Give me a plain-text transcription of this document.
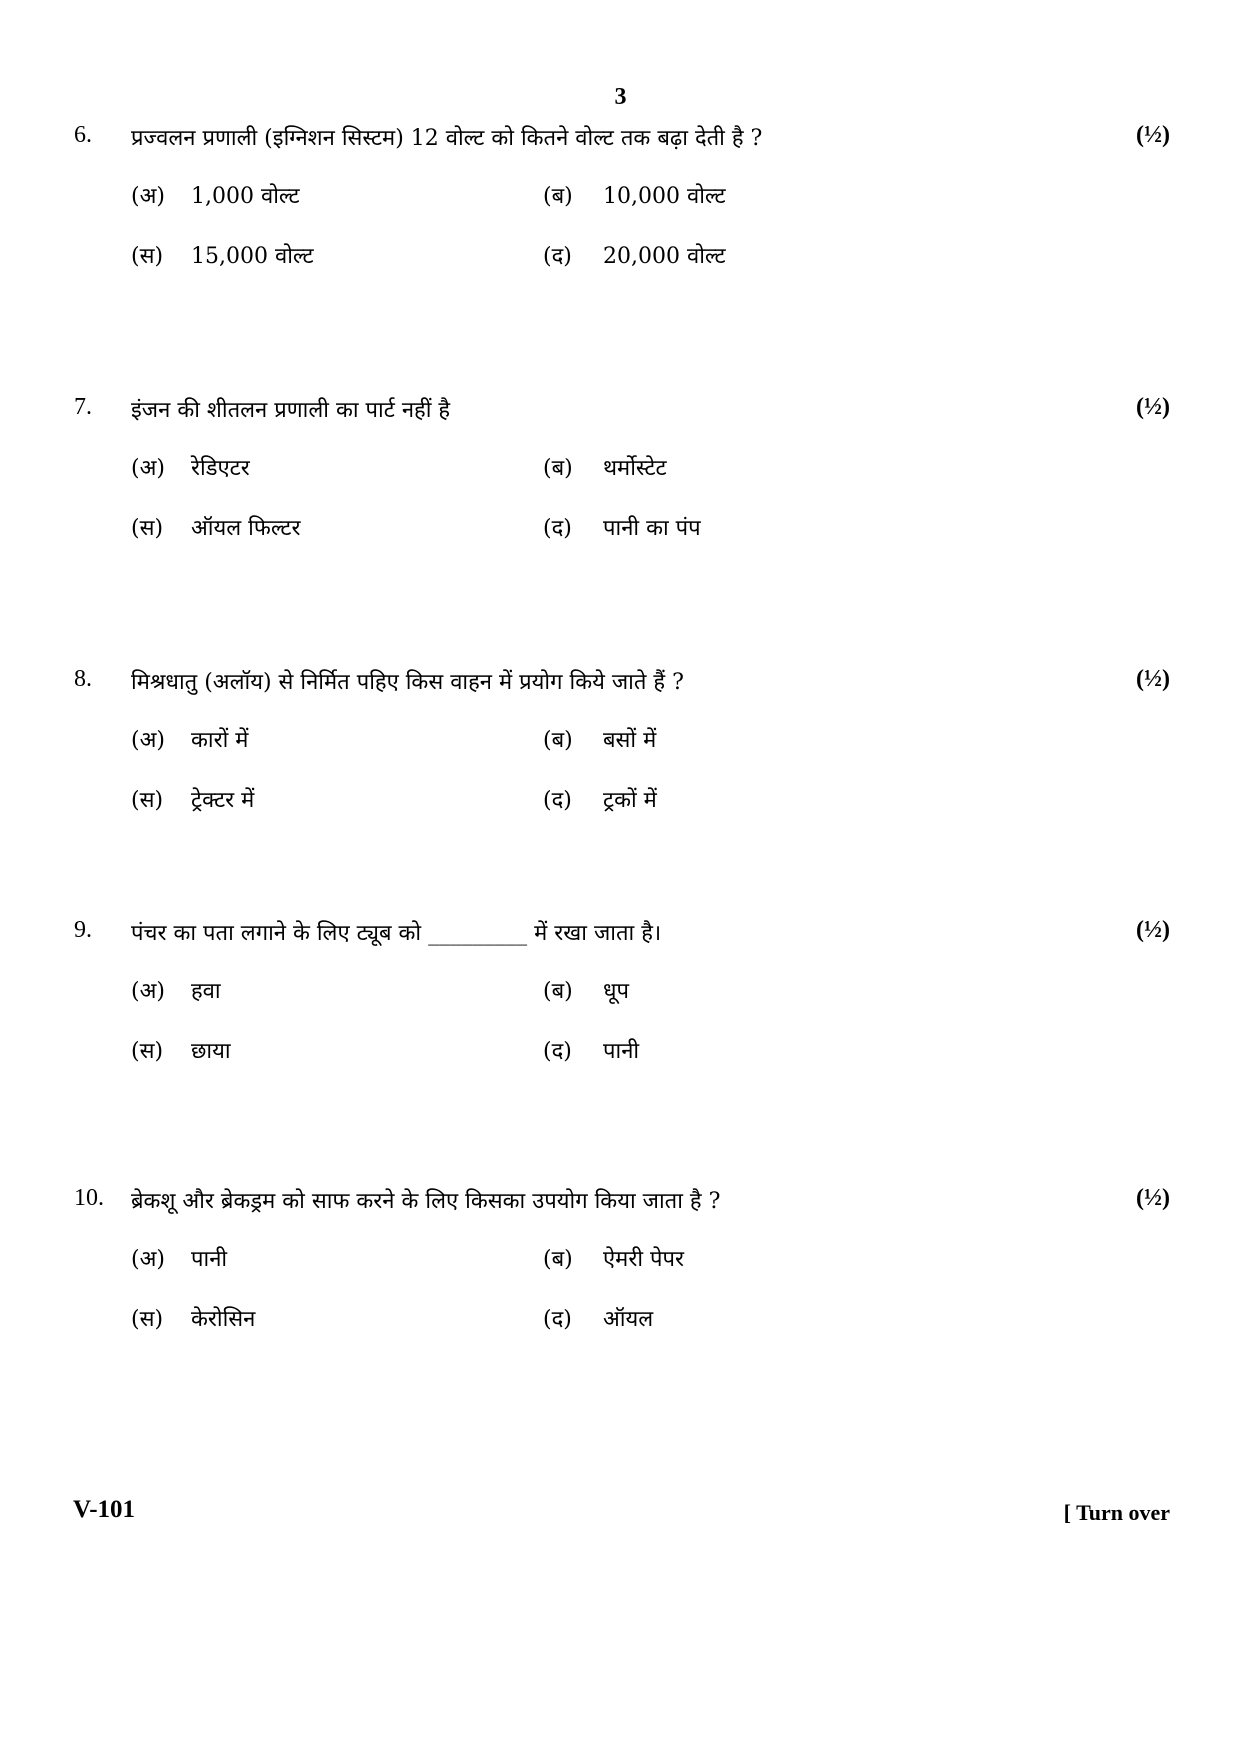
3
6. प्रज्वलन प्रणाली (इग्निशन सिस्टम) 12 वोल्ट को कितने वोल्ट तक बढ़ा देती है ?	(½)
(अ) 1,000 वोल्ट	(ब) 10,000 वोल्ट
(स) 15,000 वोल्ट	(द) 20,000 वोल्ट
7. इंजन की शीतलन प्रणाली का पार्ट नहीं है	(½)
(अ) रेडिएटर	(ब) थर्मोस्टेट
(स) ऑयल फिल्टर	(द) पानी का पंप
8. मिश्रधातु (अलॉय) से निर्मित पहिए किस वाहन में प्रयोग किये जाते हैं ?	(½)
(अ) कारों में	(ब) बसों में
(स) ट्रेक्टर में	(द) ट्रकों में
9. पंचर का पता लगाने के लिए ट्यूब को _________ में रखा जाता है।	(½)
(अ) हवा	(ब) धूप
(स) छाया	(द) पानी
10. ब्रेकशू और ब्रेकड्रम को साफ करने के लिए किसका उपयोग किया जाता है ?	(½)
(अ) पानी	(ब) ऐमरी पेपर
(स) केरोसिन	(द) ऑयल
V-101	[ Turn over
